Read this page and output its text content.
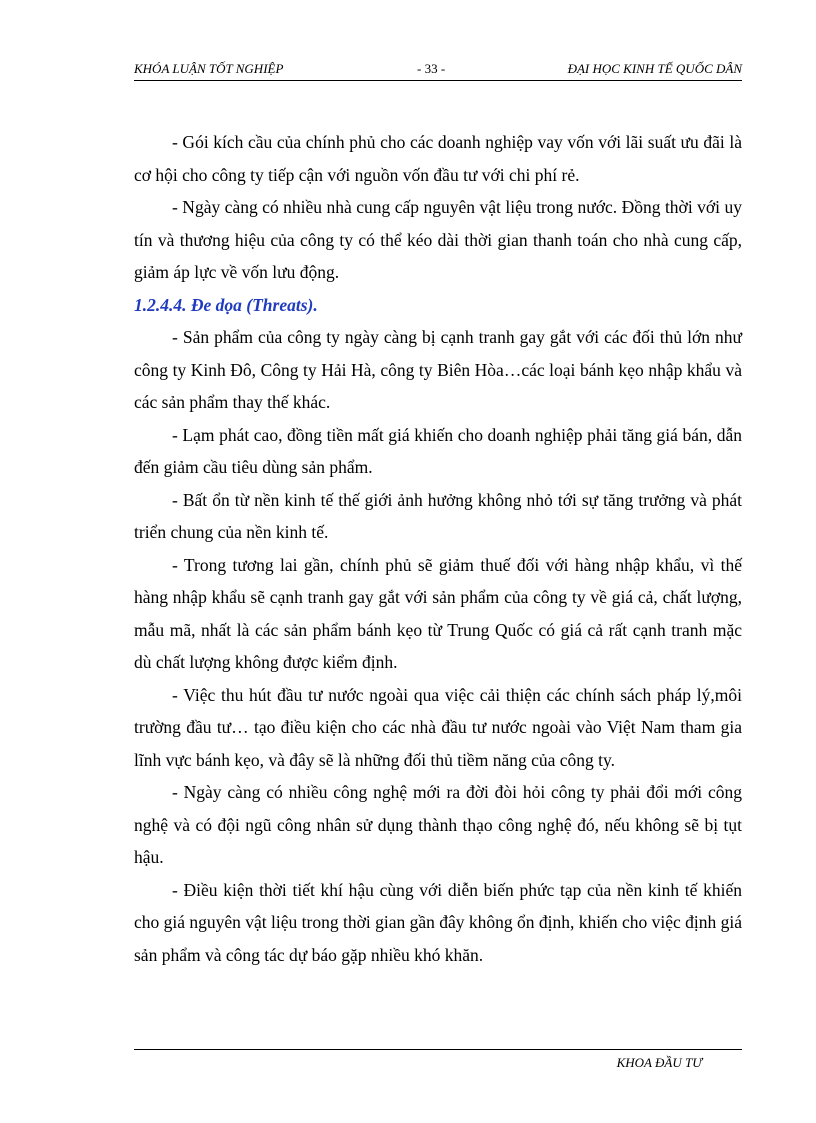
KHÓA LUẬN TỐT NGHIỆP	- 33 -	ĐẠI HỌC KINH TẾ QUỐC DÂN

- Gói kích cầu của chính phủ cho các doanh nghiệp vay vốn với lãi suất ưu đãi là cơ hội cho công ty tiếp cận với nguồn vốn đầu tư với chi phí rẻ.

- Ngày càng có nhiều nhà cung cấp nguyên vật liệu trong nước. Đồng thời với uy tín và thương hiệu của công ty có thể kéo dài thời gian thanh toán cho nhà cung cấp, giảm áp lực về vốn lưu động.

1.2.4.4. Đe dọa (Threats).

- Sản phẩm của công ty ngày càng bị cạnh tranh gay gắt với các đối thủ lớn như công ty Kinh Đô, Công ty Hải Hà, công ty Biên Hòa…các loại bánh kẹo nhập khẩu và các sản phẩm thay thế khác.

- Lạm phát cao, đồng tiền mất giá khiến cho doanh nghiệp phải tăng giá bán, dẫn đến giảm cầu tiêu dùng sản phẩm.

- Bất ổn từ nền kinh tế thế giới ảnh hưởng không nhỏ tới sự tăng trưởng và phát triển chung của nền kinh tế.

- Trong tương lai gần, chính phủ sẽ giảm thuế đối với hàng nhập khẩu, vì thế hàng nhập khẩu sẽ cạnh tranh gay gắt với sản phẩm của công ty về giá cả, chất lượng, mẫu mã, nhất là các sản phẩm bánh kẹo từ Trung Quốc có giá cả rất cạnh tranh mặc dù chất lượng không được kiểm định.

- Việc thu hút đầu tư nước ngoài qua việc cải thiện các chính sách pháp lý,môi trường đầu tư… tạo điều kiện cho các nhà đầu tư nước ngoài vào Việt Nam tham gia lĩnh vực bánh kẹo, và đây sẽ là những đối thủ tiềm năng của công ty.

- Ngày càng có nhiều công nghệ mới ra đời đòi hỏi công ty phải đổi mới công nghệ và có đội ngũ công nhân sử dụng thành thạo công nghệ đó, nếu không sẽ bị tụt hậu.

- Điều kiện thời tiết khí hậu cùng với diễn biến phức tạp của nền kinh tế khiến cho giá nguyên vật liệu trong thời gian gần đây không ổn định, khiến cho việc định giá sản phẩm và công tác dự báo gặp nhiều khó khăn.

KHOA ĐẦU TƯ
